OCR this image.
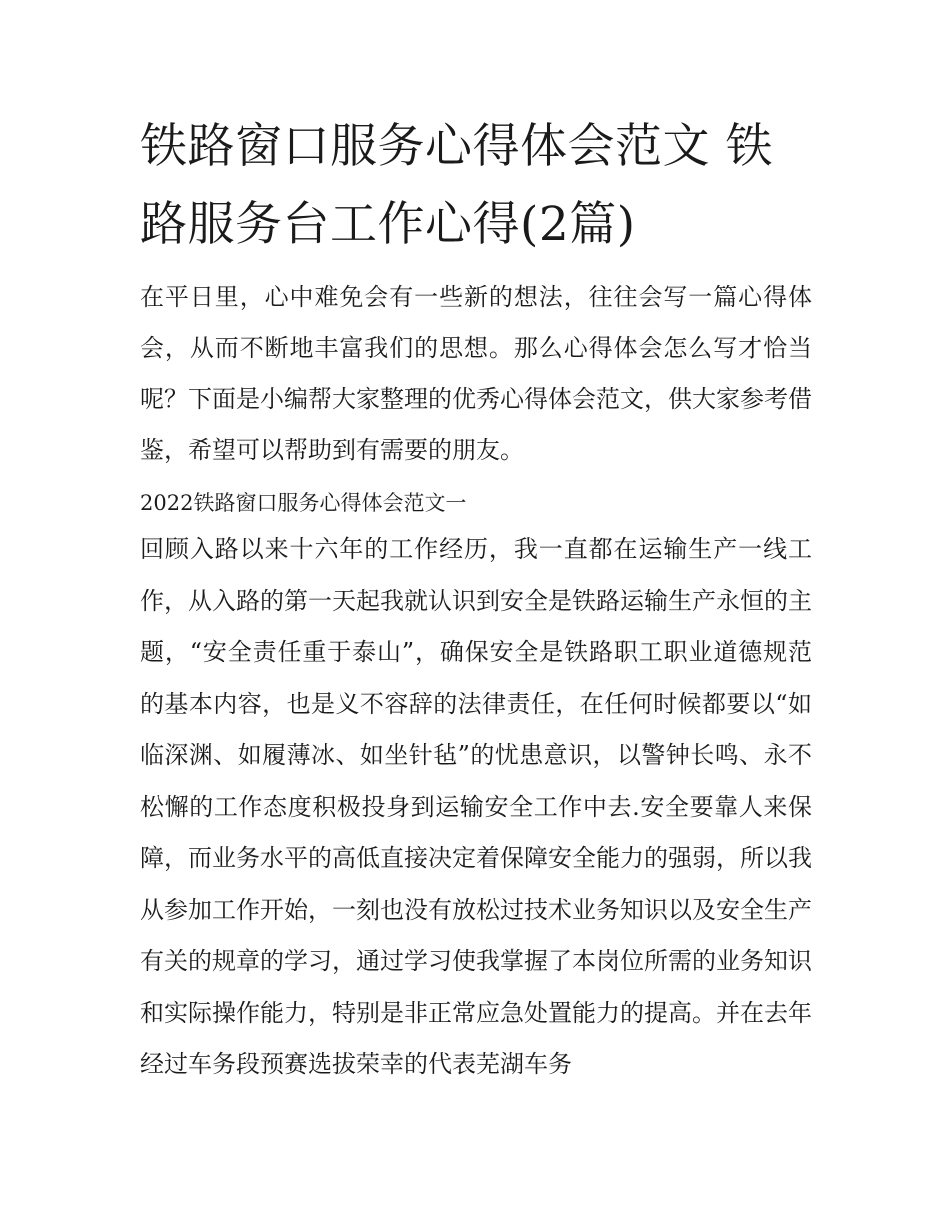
铁路窗口服务心得体会范文 铁路服务台工作心得(2篇)

在平日里，心中难免会有一些新的想法，往往会写一篇心得体会，从而不断地丰富我们的思想。那么心得体会怎么写才恰当呢？下面是小编帮大家整理的优秀心得体会范文，供大家参考借鉴，希望可以帮助到有需要的朋友。

2022铁路窗口服务心得体会范文一

回顾入路以来十六年的工作经历，我一直都在运输生产一线工作，从入路的第一天起我就认识到安全是铁路运输生产永恒的主题，“安全责任重于泰山”，确保安全是铁路职工职业道德规范的基本内容，也是义不容辞的法律责任，在任何时候都要以“如临深渊、如履薄冰、如坐针毡”的忧患意识，以警钟长鸣、永不松懈的工作态度积极投身到运输安全工作中去.安全要靠人来保障，而业务水平的高低直接决定着保障安全能力的强弱，所以我从参加工作开始，一刻也没有放松过技术业务知识以及安全生产有关的规章的学习，通过学习使我掌握了本岗位所需的业务知识和实际操作能力，特别是非正常应急处置能力的提高。并在去年经过车务段预赛选拔荣幸的代表芜湖车务
